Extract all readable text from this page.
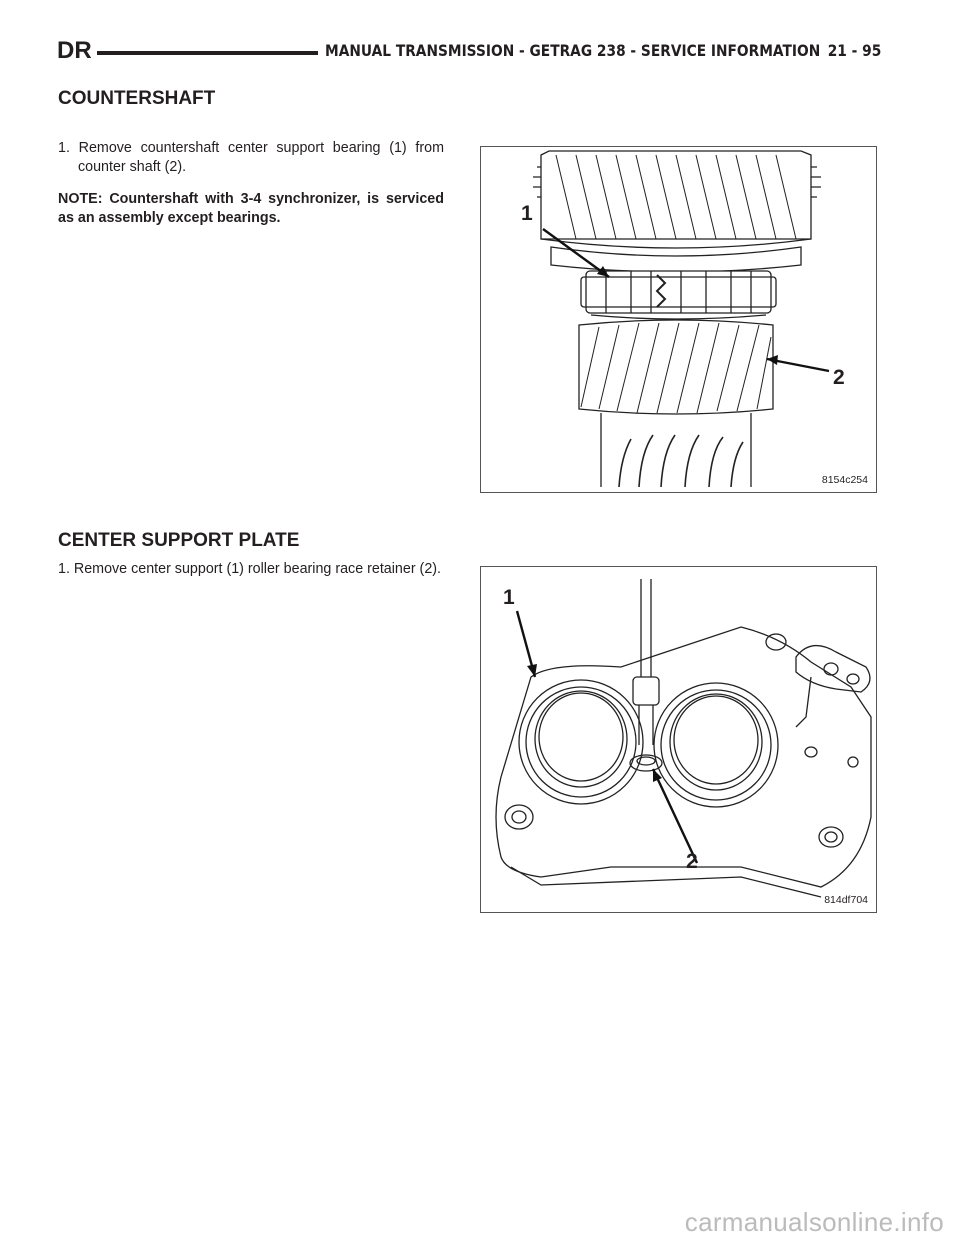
DR	MANUAL TRANSMISSION - GETRAG 238 - SERVICE INFORMATION 21 - 95
COUNTERSHAFT

1. Remove countershaft center support bearing (1) from counter shaft (2).

NOTE: Countershaft with 3-4 synchronizer, is serviced as an assembly except bearings.	1
2
8154c254
CENTER SUPPORT PLATE

1. Remove center support (1) roller bearing race retainer (2).

1
2
814df704
carmanualsonline.info
